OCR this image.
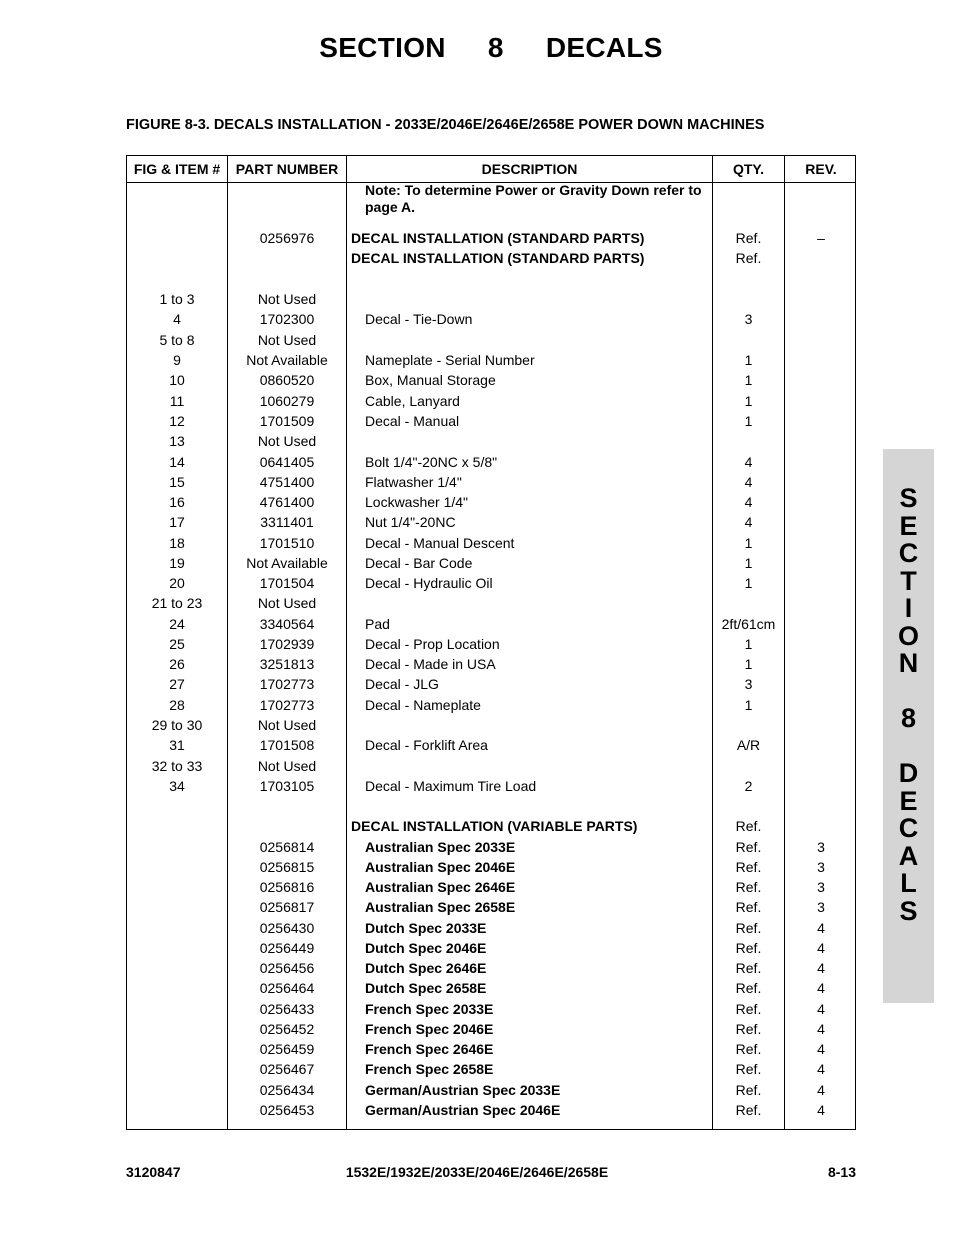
SECTION 8 DECALS
FIGURE 8-3. DECALS INSTALLATION - 2033E/2046E/2646E/2658E POWER DOWN MACHINES
FIG & ITEM #	PART NUMBER	DESCRIPTION	QTY.	REV.
Note: To determine Power or Gravity Down refer to page A.
0256976	DECAL INSTALLATION (STANDARD PARTS)	Ref.	–
DECAL INSTALLATION (STANDARD PARTS)	Ref.
1 to 3	Not Used
4	1702300	Decal - Tie-Down	3
5 to 8	Not Used
9	Not Available	Nameplate - Serial Number	1
10	0860520	Box, Manual Storage	1
11	1060279	Cable, Lanyard	1
12	1701509	Decal - Manual	1
13	Not Used
14	0641405	Bolt 1/4"-20NC x 5/8"	4
15	4751400	Flatwasher 1/4"	4
16	4761400	Lockwasher 1/4"	4
17	3311401	Nut 1/4"-20NC	4
18	1701510	Decal - Manual Descent	1
19	Not Available	Decal - Bar Code	1
20	1701504	Decal - Hydraulic Oil	1
21 to 23	Not Used
24	3340564	Pad	2ft/61cm
25	1702939	Decal - Prop Location	1
26	3251813	Decal - Made in USA	1
27	1702773	Decal - JLG	3
28	1702773	Decal - Nameplate	1
29 to 30	Not Used
31	1701508	Decal - Forklift Area	A/R
32 to 33	Not Used
34	1703105	Decal - Maximum Tire Load	2
DECAL INSTALLATION (VARIABLE PARTS)	Ref.
0256814	Australian Spec 2033E	Ref.	3
0256815	Australian Spec 2046E	Ref.	3
0256816	Australian Spec 2646E	Ref.	3
0256817	Australian Spec 2658E	Ref.	3
0256430	Dutch Spec 2033E	Ref.	4
0256449	Dutch Spec 2046E	Ref.	4
0256456	Dutch Spec 2646E	Ref.	4
0256464	Dutch Spec 2658E	Ref.	4
0256433	French Spec 2033E	Ref.	4
0256452	French Spec 2046E	Ref.	4
0256459	French Spec 2646E	Ref.	4
0256467	French Spec 2658E	Ref.	4
0256434	German/Austrian Spec 2033E	Ref.	4
0256453	German/Austrian Spec 2046E	Ref.	4
S
E
C
T
I
O
N
8
D
E
C
A
L
S
3120847	1532E/1932E/2033E/2046E/2646E/2658E	8-13
